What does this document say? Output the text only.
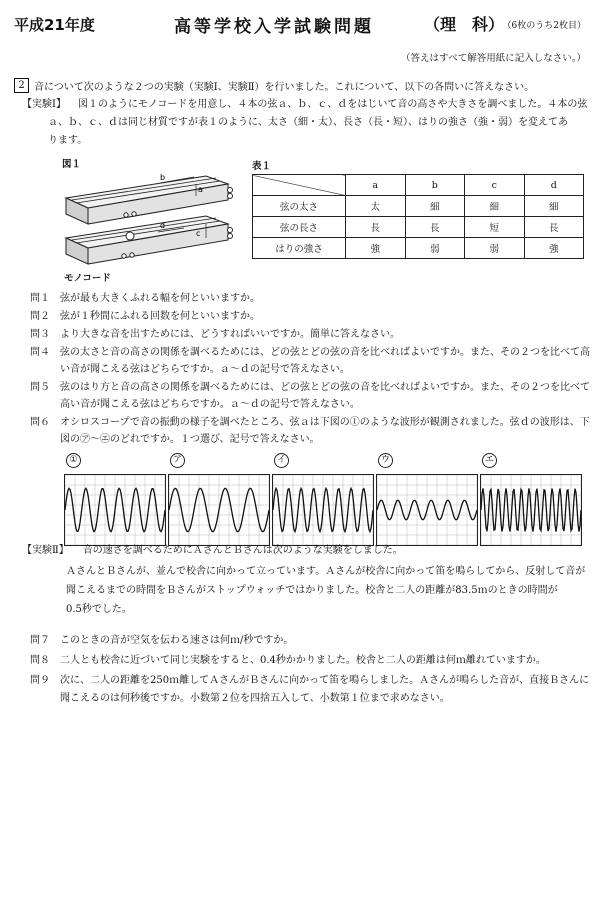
平成21年度	高等学校入学試験問題	（理　科）
（6枚のうち2枚目）
（答えはすべて解答用紙に記入しなさい。）
2 音について次のような２つの実験（実験Ⅰ、実験Ⅱ）を行いました。これについて、以下の各問いに答えなさい。
【実験Ⅰ】 図１のようにモノコードを用意し、４本の弦ａ、ｂ、ｃ、ｄをはじいて音の高さや大きさを調べました。４本の弦
ａ、ｂ、ｃ、ｄは同じ材質ですが表１のように、太さ（細・太）、長さ（長・短）、はりの強さ（強・弱）を変えてあ
ります。
図１
b
a
d
c
モノコード
表１
	a	b	c	d
弦の太さ	太	細	細	細
弦の長さ	長	長	短	長
はりの強さ	強	弱	弱	強
問１ 弦が最も大きくふれる幅を何といいますか。
問２ 弦が１秒間にふれる回数を何といいますか。
問３ より大きな音を出すためには、どうすればいいですか。簡単に答えなさい。
問４ 弦の太さと音の高さの関係を調べるためには、どの弦とどの弦の音を比べればよいですか。また、その２つを比べて高
い音が聞こえる弦はどちらですか。ａ～ｄの記号で答えなさい。
問５ 弦のはり方と音の高さの関係を調べるためには、どの弦とどの弦の音を比べればよいですか。また、その２つを比べて
高い音が聞こえる弦はどちらですか。ａ～ｄの記号で答えなさい。
問６ オシロスコープで音の振動の様子を調べたところ、弦ａは下図の①のような波形が観測されました。弦ｄの波形は、下
図の㋐～㋓のどれですか。１つ選び、記号で答えなさい。
①	ア	イ	ウ	エ
【実験Ⅱ】 音の速さを調べるためにＡさんとＢさんは次のような実験をしました。
ＡさんとＢさんが、並んで校舎に向かって立っています。Ａさんが校舎に向かって笛を鳴らしてから、反射して音が
聞こえるまでの時間をＢさんがストップウォッチではかりました。校舎と二人の距離が83.5ｍのときの時間が
0.5秒でした。
問７ このときの音が空気を伝わる速さは何ｍ/秒ですか。
問８ 二人とも校舎に近づいて同じ実験をすると、0.4秒かかりました。校舎と二人の距離は何ｍ離れていますか。
問９ 次に、二人の距離を250ｍ離してＡさんがＢさんに向かって笛を鳴らしました。Ａさんが鳴らした音が、直接Ｂさんに
聞こえるのは何秒後ですか。小数第２位を四捨五入して、小数第１位まで求めなさい。
